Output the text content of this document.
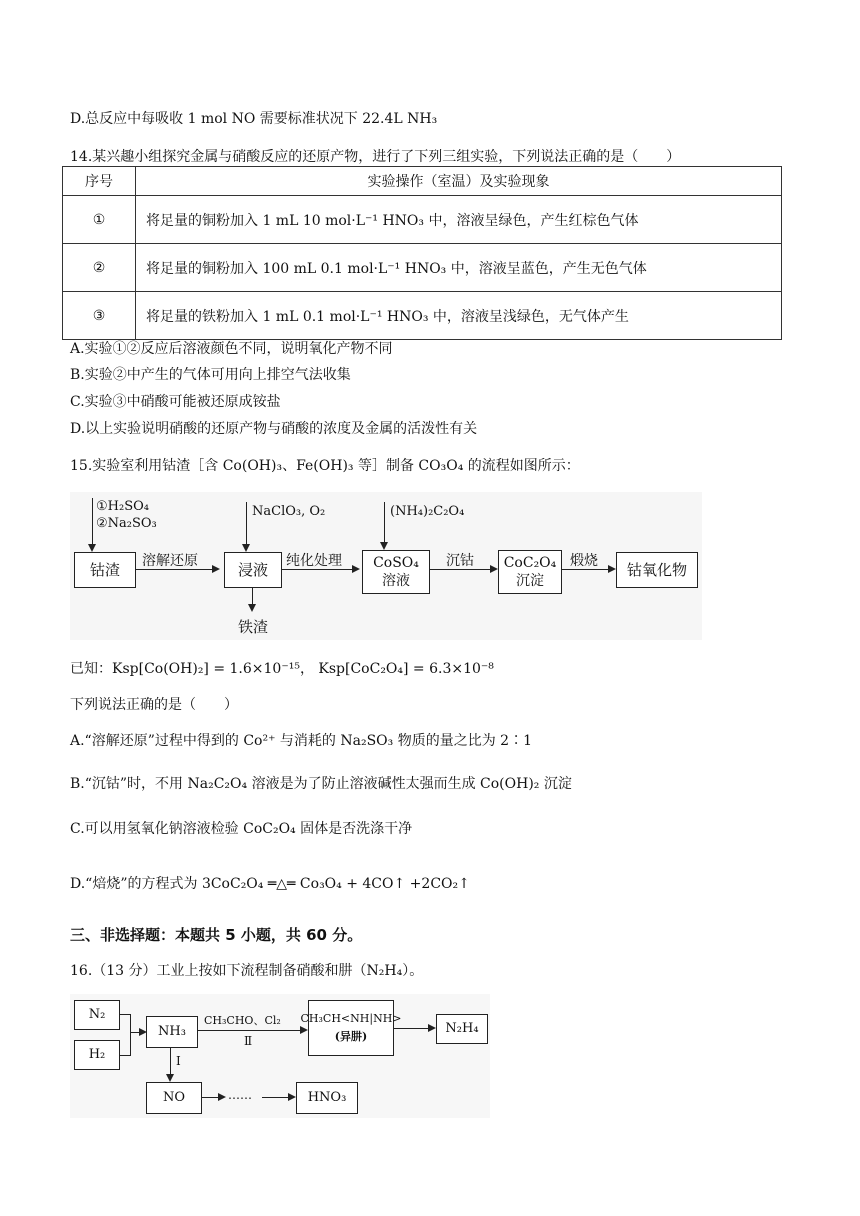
D.总反应中每吸收 1 mol NO 需要标准状况下 22.4L NH₃
14.某兴趣小组探究金属与硝酸反应的还原产物，进行了下列三组实验，下列说法正确的是（　　）
序号	实验操作（室温）及实验现象
①	将足量的铜粉加入 1 mL 10 mol·L⁻¹ HNO₃ 中，溶液呈绿色，产生红棕色气体
②	将足量的铜粉加入 100 mL 0.1 mol·L⁻¹ HNO₃ 中，溶液呈蓝色，产生无色气体
③	将足量的铁粉加入 1 mL 0.1 mol·L⁻¹ HNO₃ 中，溶液呈浅绿色，无气体产生
A.实验①②反应后溶液颜色不同，说明氧化产物不同
B.实验②中产生的气体可用向上排空气法收集
C.实验③中硝酸可能被还原成铵盐
D.以上实验说明硝酸的还原产物与硝酸的浓度及金属的活泼性有关
15.实验室利用钴渣［含 Co(OH)₃、Fe(OH)₃ 等］制备 CO₃O₄ 的流程如图所示：
①H₂SO₄
②Na₂SO₃
钴渣	溶解还原
NaClO₃, O₂
浸液
铁渣
纯化处理
(NH₄)₂C₂O₄
CoSO₄
溶液
沉钴	CoC₂O₄
沉淀
煅烧	钴氧化物
已知：Ksp[Co(OH)₂] = 1.6×10⁻¹⁵， Ksp[CoC₂O₄] = 6.3×10⁻⁸
下列说法正确的是（　　）
A.“溶解还原”过程中得到的 Co²⁺ 与消耗的 Na₂SO₃ 物质的量之比为 2∶1
B.“沉钴”时，不用 Na₂C₂O₄ 溶液是为了防止溶液碱性太强而生成 Co(OH)₂ 沉淀
C.可以用氢氧化钠溶液检验 CoC₂O₄ 固体是否洗涤干净
D.“焙烧”的方程式为 3CoC₂O₄ ═△═ Co₃O₄ + 4CO↑ +2CO₂↑
三、非选择题：本题共 5 小题，共 60 分。
16.（13 分）工业上按如下流程制备硝酸和肼（N₂H₄）。
N₂
H₂
NH₃
CH₃CHO、Cl₂
Ⅱ
CH₃CH<NH|NH>
(异肼)
N₂H₄
Ⅰ
NO	……	HNO₃
